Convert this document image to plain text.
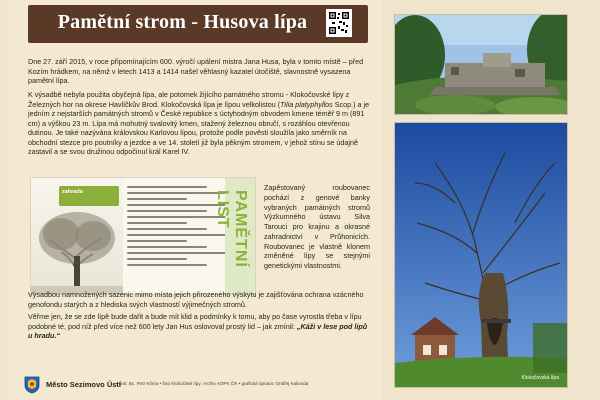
Pamětní strom - Husova lípa
Dne 27. září 2015, v roce připomínajícím 600. výročí upálení mistra Jana Husa, byla v tomto místě – před Kozím hrádkem, na němž v letech 1413 a 1414 našel věhlasný kazatel útočiště, slavnostně vysazena pamětní lípa.
K výsadbě nebyla použita obyčejná lípa, ale potomek žijícího památného stromu - Klokočovské lípy z Železných hor na okrese Havlíčkův Brod. Klokočovská lípa je lípou velkolistou (Tilia platyphyllos Scop.) a je jedním z nejstarších památných stromů v České republice s úctyhodným obvodem kmene téměř 9 m (891 cm) a výškou 23 m. Lípa má mohutný svalovitý kmen, stažený železnou obručí, s rozáhlou otevřenou dutinou. Je také nazývána královskou Karlovou lípou, protože podle pověsti sloužila jako směrník na obchodní stezce pro poutníky a jezdce a ve 14. století již byla pěkným stromem, v jehož stínu se údajně zastavil a se svou družinou odpočinul král Karel IV.
zahrada	PAMĚTNÍ LIST
Zapěstovaný roubovanec pochází z genové banky vybraných památných stromů Výzkumného ústavu Silva Tarouci pro krajinu a okrasné zahradnictví v Průhonicích. Roubovanec je vlastně klonem změněné lípy se stejnými genetickými vlastnostmi.
Výsadbou namnožených sazenic mimo místa jejich přirozeného výskytu je zajišťována ochrana vzácného genofondu starých a z hlediska svých vlastností výjimečných stromů.
Věřme jen, že se zde lípě bude dařit a bude mít klid a podmínky k tomu, aby po čase vyrostla třeba v lípu podobné té, pod níž před více než 600 lety Jan Hus oslovoval prostý lid – jak zmínil: „Káži v lese pod lipů u hradu.“
Město Sezimovo Ústí
• text: Bc. Petr Klíma • foto Klokočské lípy: Archiv AOPK ČR • grafická úprava: Ondřej Kalivoda
Klokočovská lípa
